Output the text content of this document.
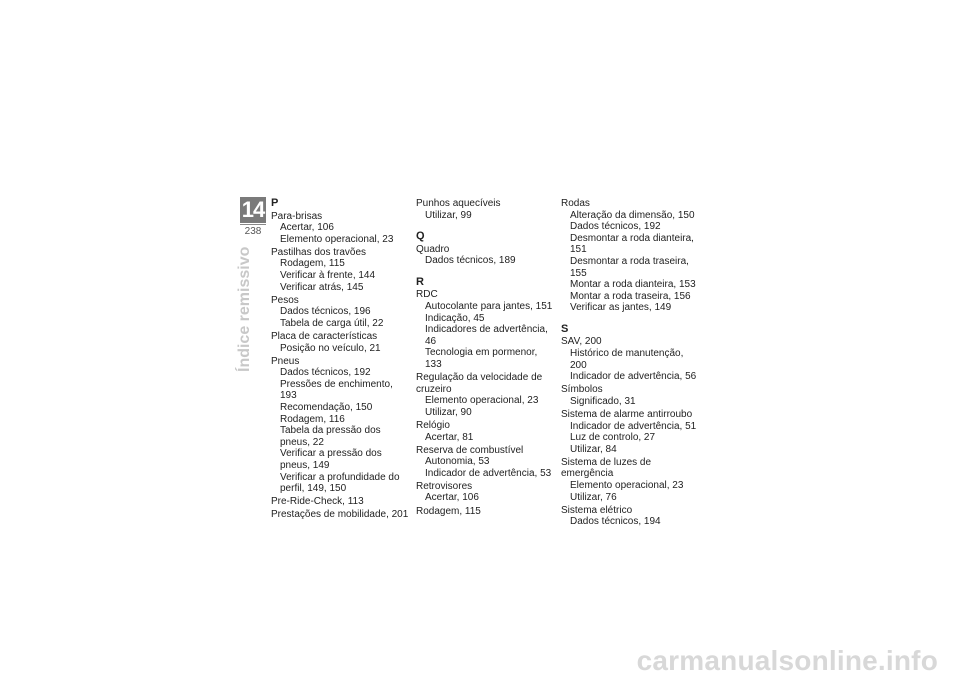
14
238
Índice remissivo
P
Para-brisas
Acertar, 106
Elemento operacional, 23
Pastilhas dos travões
Rodagem, 115
Verificar à frente, 144
Verificar atrás, 145
Pesos
Dados técnicos, 196
Tabela de carga útil, 22
Placa de características
Posição no veículo, 21
Pneus
Dados técnicos, 192
Pressões de enchimento, 193
Recomendação, 150
Rodagem, 116
Tabela da pressão dos pneus, 22
Verificar a pressão dos pneus, 149
Verificar a profundidade do perfil, 149, 150
Pre-Ride-Check, 113
Prestações de mobilidade, 201
Punhos aquecíveis
Utilizar, 99
Q
Quadro
Dados técnicos, 189
R
RDC
Autocolante para jantes, 151
Indicação, 45
Indicadores de advertência, 46
Tecnologia em pormenor, 133
Regulação da velocidade de cruzeiro
Elemento operacional, 23
Utilizar, 90
Relógio
Acertar, 81
Reserva de combustível
Autonomia, 53
Indicador de advertência, 53
Retrovisores
Acertar, 106
Rodagem, 115
Rodas
Alteração da dimensão, 150
Dados técnicos, 192
Desmontar a roda dianteira, 151
Desmontar a roda traseira, 155
Montar a roda dianteira, 153
Montar a roda traseira, 156
Verificar as jantes, 149
S
SAV, 200
Histórico de manutenção, 200
Indicador de advertência, 56
Símbolos
Significado, 31
Sistema de alarme antirroubo
Indicador de advertência, 51
Luz de controlo, 27
Utilizar, 84
Sistema de luzes de emergência
Elemento operacional, 23
Utilizar, 76
Sistema elétrico
Dados técnicos, 194
carmanualsonline.info
